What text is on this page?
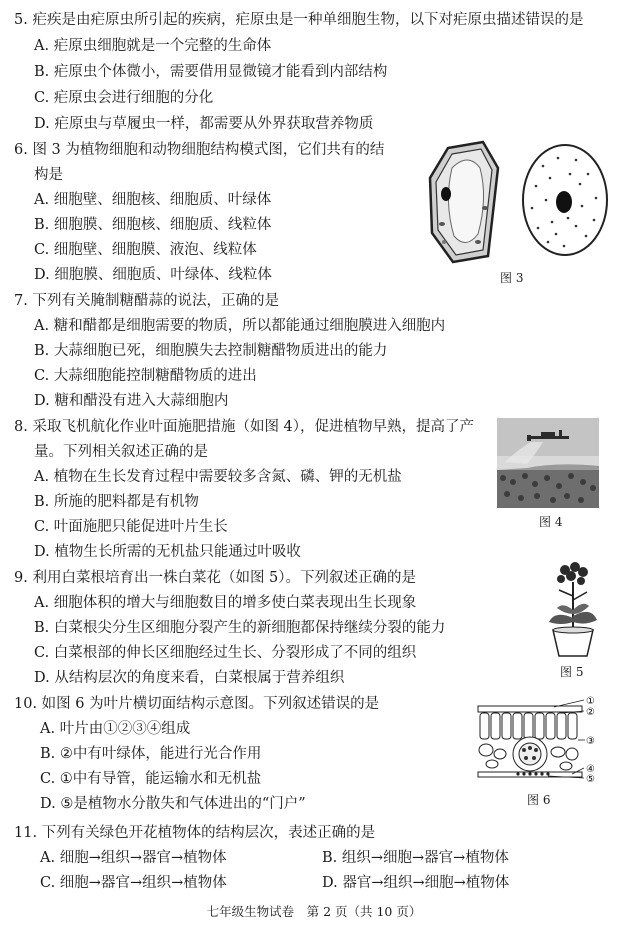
5. 疟疾是由疟原虫所引起的疾病，疟原虫是一种单细胞生物，以下对疟原虫描述错误的是
A. 疟原虫细胞就是一个完整的生命体
B. 疟原虫个体微小，需要借用显微镜才能看到内部结构
C. 疟原虫会进行细胞的分化
D. 疟原虫与草履虫一样，都需要从外界获取营养物质
6. 图 3 为植物细胞和动物细胞结构模式图，它们共有的结
构是
A. 细胞壁、细胞核、细胞质、叶绿体
B. 细胞膜、细胞核、细胞质、线粒体
C. 细胞壁、细胞膜、液泡、线粒体
D. 细胞膜、细胞质、叶绿体、线粒体	图 3
7. 下列有关腌制糖醋蒜的说法，正确的是
A. 糖和醋都是细胞需要的物质，所以都能通过细胞膜进入细胞内
B. 大蒜细胞已死，细胞膜失去控制糖醋物质进出的能力
C. 大蒜细胞能控制糖醋物质的进出
D. 糖和醋没有进入大蒜细胞内
8. 采取飞机航化作业叶面施肥措施（如图 4），促进植物早熟，提高了产
量。下列相关叙述正确的是
A. 植物在生长发育过程中需要较多含氮、磷、钾的无机盐
B. 所施的肥料都是有机物
C. 叶面施肥只能促进叶片生长
D. 植物生长所需的无机盐只能通过叶吸收
图 4
9. 利用白菜根培育出一株白菜花（如图 5）。下列叙述正确的是
A. 细胞体积的增大与细胞数目的增多使白菜表现出生长现象
B. 白菜根尖分生区细胞分裂产生的新细胞都保持继续分裂的能力
C. 白菜根部的伸长区细胞经过生长、分裂形成了不同的组织
D. 从结构层次的角度来看，白菜根属于营养组织	图 5
10. 如图 6 为叶片横切面结构示意图。下列叙述错误的是
A. 叶片由①②③④组成
B. ②中有叶绿体，能进行光合作用
C. ①中有导管，能运输水和无机盐
D. ⑤是植物水分散失和气体进出的“门户”
①
②
③
④
⑤
图 6
11. 下列有关绿色开花植物体的结构层次，表述正确的是
A. 细胞→组织→器官→植物体	B. 组织→细胞→器官→植物体
C. 细胞→器官→组织→植物体	D. 器官→组织→细胞→植物体
七年级生物试卷　第 2 页（共 10 页）
